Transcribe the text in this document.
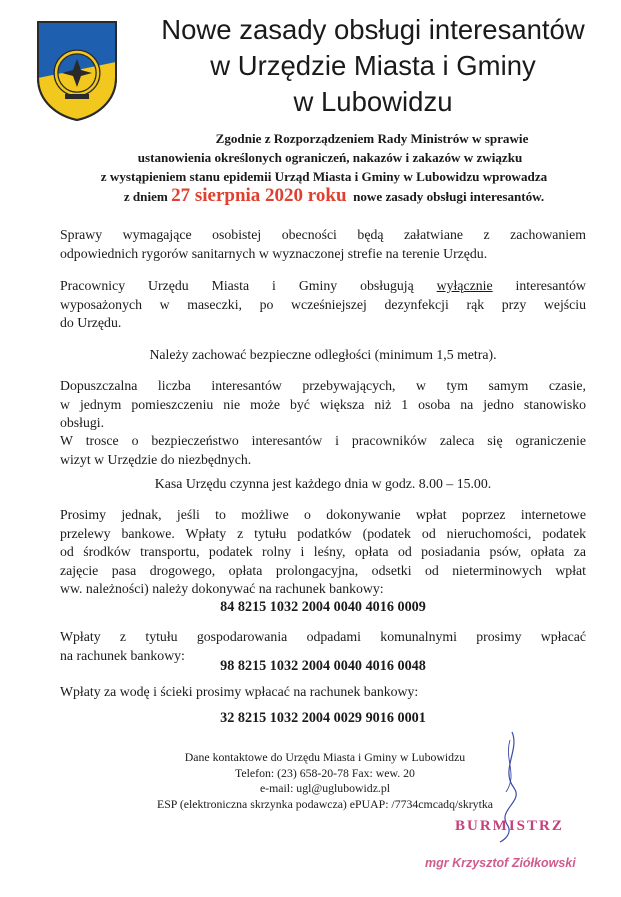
Nowe zasady obsługi interesantów
w Urzędzie Miasta i Gminy
w Lubowidzu
Zgodnie z Rozporządzeniem Rady Ministrów w sprawie
ustanowienia określonych ograniczeń, nakazów i zakazów w związku
z wystąpieniem stanu epidemii Urząd Miasta i Gminy w Lubowidzu wprowadza
z dniem 27 sierpnia 2020 roku nowe zasady obsługi interesantów.
Sprawy wymagające osobistej obecności będą załatwiane z zachowaniem
odpowiednich rygorów sanitarnych w wyznaczonej strefie na terenie Urzędu.
Pracownicy Urzędu Miasta i Gminy obsługują wyłącznie interesantów
wyposażonych w maseczki, po wcześniejszej dezynfekcji rąk przy wejściu
do Urzędu.
Należy zachować bezpieczne odległości (minimum 1,5 metra).
Dopuszczalna liczba interesantów przebywających, w tym samym czasie,
w jednym pomieszczeniu nie może być większa niż 1 osoba na jedno stanowisko
obsługi.
W trosce o bezpieczeństwo interesantów i pracowników zaleca się ograniczenie
wizyt w Urzędzie do niezbędnych.
Kasa Urzędu czynna jest każdego dnia w godz. 8.00 – 15.00.
Prosimy jednak, jeśli to możliwe o dokonywanie wpłat poprzez internetowe
przelewy bankowe. Wpłaty z tytułu podatków (podatek od nieruchomości, podatek
od środków transportu, podatek rolny i leśny, opłata od posiadania psów, opłata za
zajęcie pasa drogowego, opłata prolongacyjna, odsetki od nieterminowych wpłat
ww. należności) należy dokonywać na rachunek bankowy:
84 8215 1032 2004 0040 4016 0009
Wpłaty z tytułu gospodarowania odpadami komunalnymi prosimy wpłacać
na rachunek bankowy:
98 8215 1032 2004 0040 4016 0048
Wpłaty za wodę i ścieki prosimy wpłacać na rachunek bankowy:
32 8215 1032 2004 0029 9016 0001
Dane kontaktowe do Urzędu Miasta i Gminy w Lubowidzu
Telefon: (23) 658-20-78 Fax: wew. 20
e-mail: ugl@uglubowidz.pl
ESP (elektroniczna skrzynka podawcza) ePUAP: /7734cmcadq/skrytka
BURMISTRZ
mgr Krzysztof Ziółkowski
